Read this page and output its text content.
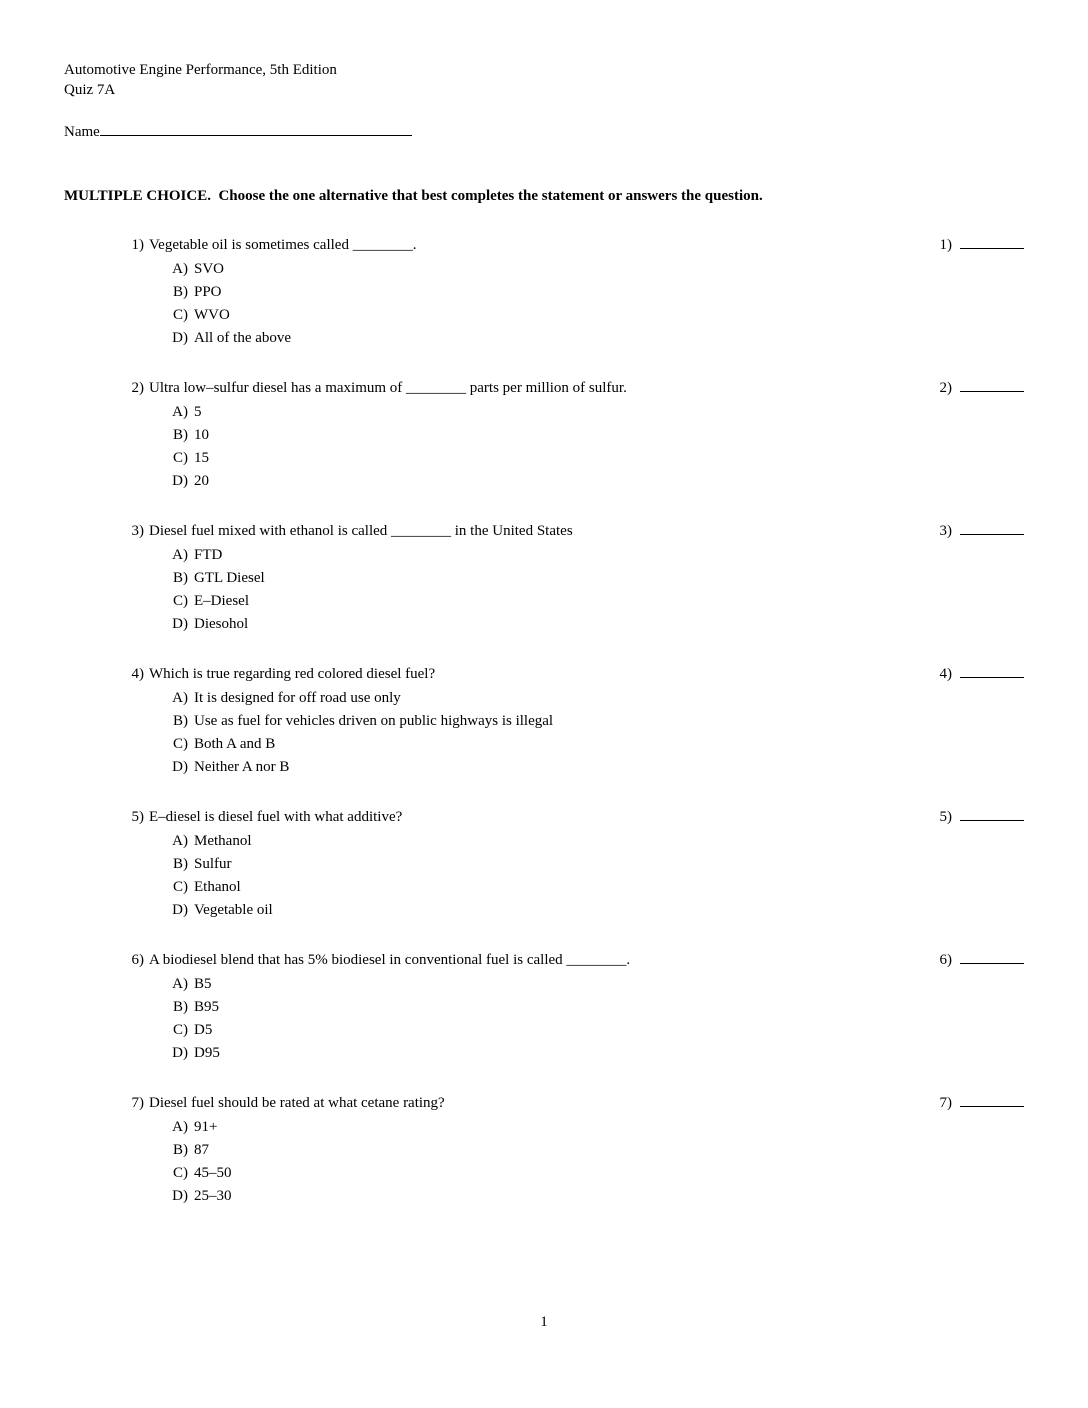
Automotive Engine Performance, 5th Edition
Quiz 7A
Name
MULTIPLE CHOICE.  Choose the one alternative that best completes the statement or answers the question.
1) Vegetable oil is sometimes called ________.	1)
A) SVO
B) PPO
C) WVO
D) All of the above
2) Ultra low–sulfur diesel has a maximum of ________ parts per million of sulfur.	2)
A) 5
B) 10
C) 15
D) 20
3) Diesel fuel mixed with ethanol is called ________ in the United States	3)
A) FTD
B) GTL Diesel
C) E–Diesel
D) Diesohol
4) Which is true regarding red colored diesel fuel?	4)
A) It is designed for off road use only
B) Use as fuel for vehicles driven on public highways is illegal
C) Both A and B
D) Neither A nor B
5) E–diesel is diesel fuel with what additive?	5)
A) Methanol
B) Sulfur
C) Ethanol
D) Vegetable oil
6) A biodiesel blend that has 5% biodiesel in conventional fuel is called ________.	6)
A) B5
B) B95
C) D5
D) D95
7) Diesel fuel should be rated at what cetane rating?	7)
A) 91+
B) 87
C) 45–50
D) 25–30
1
